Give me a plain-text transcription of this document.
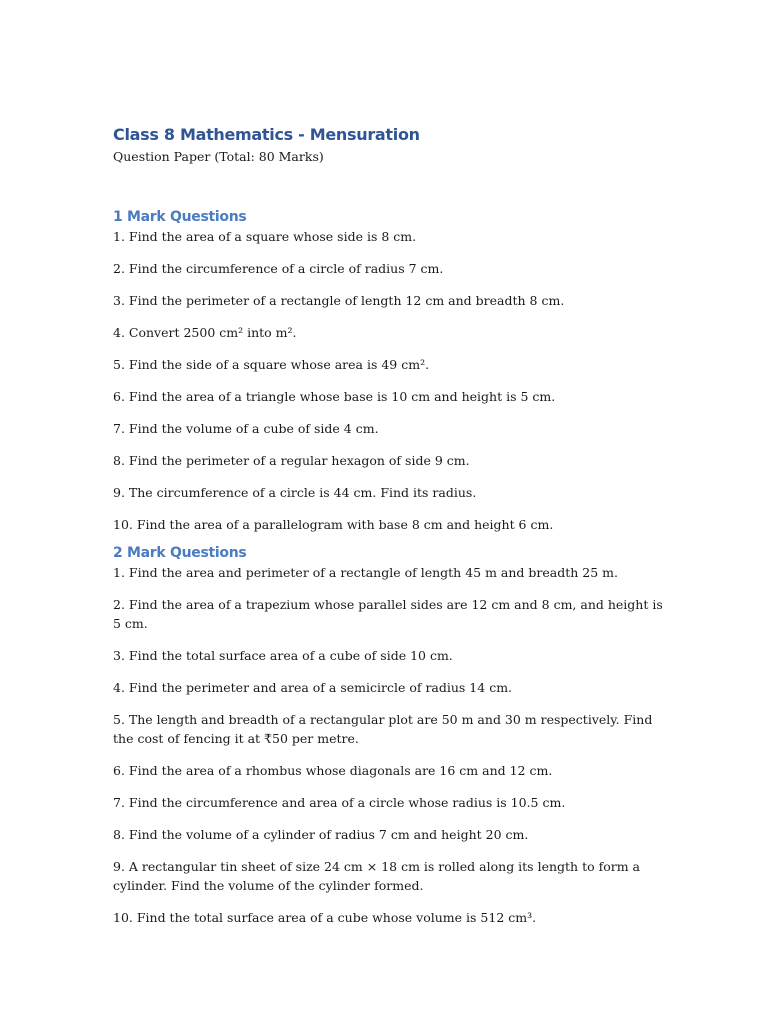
Class 8 Mathematics - Mensuration

Question Paper (Total: 80 Marks)

1 Mark Questions
1. Find the area of a square whose side is 8 cm.
2. Find the circumference of a circle of radius 7 cm.
3. Find the perimeter of a rectangle of length 12 cm and breadth 8 cm.
4. Convert 2500 cm² into m².
5. Find the side of a square whose area is 49 cm².
6. Find the area of a triangle whose base is 10 cm and height is 5 cm.
7. Find the volume of a cube of side 4 cm.
8. Find the perimeter of a regular hexagon of side 9 cm.
9. The circumference of a circle is 44 cm. Find its radius.
10. Find the area of a parallelogram with base 8 cm and height 6 cm.
2 Mark Questions
1. Find the area and perimeter of a rectangle of length 45 m and breadth 25 m.
2. Find the area of a trapezium whose parallel sides are 12 cm and 8 cm, and height is 5 cm.
3. Find the total surface area of a cube of side 10 cm.
4. Find the perimeter and area of a semicircle of radius 14 cm.
5. The length and breadth of a rectangular plot are 50 m and 30 m respectively. Find the cost of fencing it at ₹50 per metre.
6. Find the area of a rhombus whose diagonals are 16 cm and 12 cm.
7. Find the circumference and area of a circle whose radius is 10.5 cm.
8. Find the volume of a cylinder of radius 7 cm and height 20 cm.
9. A rectangular tin sheet of size 24 cm × 18 cm is rolled along its length to form a cylinder. Find the volume of the cylinder formed.
10. Find the total surface area of a cube whose volume is 512 cm³.
